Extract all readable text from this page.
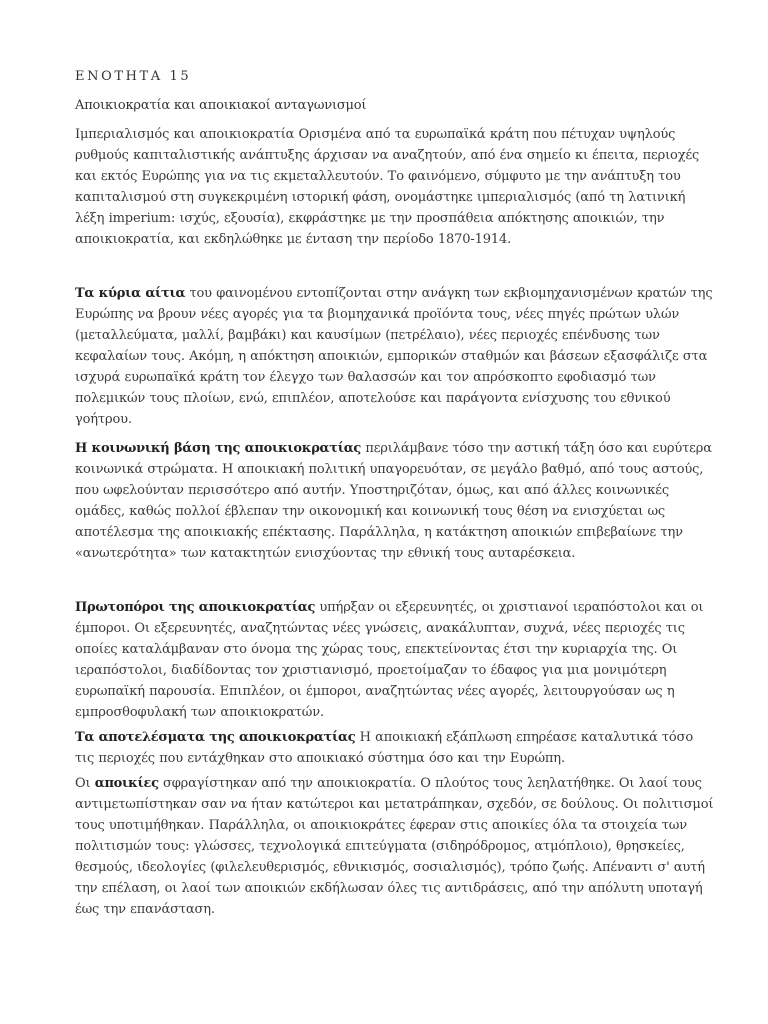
ΕΝΟΤΗΤΑ 15
Αποικιοκρατία και αποικιακοί ανταγωνισμοί

Ιμπεριαλισμός και αποικιοκρατία Ορισμένα από τα ευρωπαϊκά κράτη που πέτυχαν υψηλούς ρυθμούς καπιταλιστικής ανάπτυξης άρχισαν να αναζητούν, από ένα σημείο κι έπειτα, περιοχές και εκτός Ευρώπης για να τις εκμεταλλευτούν. Το φαινόμενο, σύμφυτο με την ανάπτυξη του καπιταλισμού στη συγκεκριμένη ιστορική φάση, ονομάστηκε ιμπεριαλισμός (από τη λατινική λέξη imperium: ισχύς, εξουσία), εκφράστηκε με την προσπάθεια απόκτησης αποικιών, την αποικιοκρατία, και εκδηλώθηκε με ένταση την περίοδο 1870-1914.

Τα κύρια αίτια του φαινομένου εντοπίζονται στην ανάγκη των εκβιομηχανισμένων κρατών της Ευρώπης να βρουν νέες αγορές για τα βιομηχανικά προϊόντα τους, νέες πηγές πρώτων υλών (μεταλλεύματα, μαλλί, βαμβάκι) και καυσίμων (πετρέλαιο), νέες περιοχές επένδυσης των κεφαλαίων τους. Ακόμη, η απόκτηση αποικιών, εμπορικών σταθμών και βάσεων εξασφάλιζε στα ισχυρά ευρωπαϊκά κράτη τον έλεγχο των θαλασσών και τον απρόσκοπτο εφοδιασμό των πολεμικών τους πλοίων, ενώ, επιπλέον, αποτελούσε και παράγοντα ενίσχυσης του εθνικού γοήτρου.

Η κοινωνική βάση της αποικιοκρατίας περιλάμβανε τόσο την αστική τάξη όσο και ευρύτερα κοινωνικά στρώματα. Η αποικιακή πολιτική υπαγορευόταν, σε μεγάλο βαθμό, από τους αστούς, που ωφελούνταν περισσότερο από αυτήν. Υποστηριζόταν, όμως, και από άλλες κοινωνικές ομάδες, καθώς πολλοί έβλεπαν την οικονομική και κοινωνική τους θέση να ενισχύεται ως αποτέλεσμα της αποικιακής επέκτασης. Παράλληλα, η κατάκτηση αποικιών επιβεβαίωνε την «ανωτερότητα» των κατακτητών ενισχύοντας την εθνική τους αυταρέσκεια.

Πρωτοπόροι της αποικιοκρατίας υπήρξαν οι εξερευνητές, οι χριστιανοί ιεραπόστολοι και οι έμποροι. Οι εξερευνητές, αναζητώντας νέες γνώσεις, ανακάλυπταν, συχνά, νέες περιοχές τις οποίες καταλάμβαναν στο όνομα της χώρας τους, επεκτείνοντας έτσι την κυριαρχία της. Οι ιεραπόστολοι, διαδίδοντας τον χριστιανισμό, προετοίμαζαν το έδαφος για μια μονιμότερη ευρωπαϊκή παρουσία. Επιπλέον, οι έμποροι, αναζητώντας νέες αγορές, λειτουργούσαν ως η εμπροσθοφυλακή των αποικιοκρατών.

Τα αποτελέσματα της αποικιοκρατίας Η αποικιακή εξάπλωση επηρέασε καταλυτικά τόσο τις περιοχές που εντάχθηκαν στο αποικιακό σύστημα όσο και την Ευρώπη.

Οι αποικίες σφραγίστηκαν από την αποικιοκρατία. Ο πλούτος τους λεηλατήθηκε. Οι λαοί τους αντιμετωπίστηκαν σαν να ήταν κατώτεροι και μετατράπηκαν, σχεδόν, σε δούλους. Οι πολιτισμοί τους υποτιμήθηκαν. Παράλληλα, οι αποικιοκράτες έφεραν στις αποικίες όλα τα στοιχεία των πολιτισμών τους: γλώσσες, τεχνολογικά επιτεύγματα (σιδηρόδρομος, ατμόπλοιο), θρησκείες, θεσμούς, ιδεολογίες (φιλελευθερισμός, εθνικισμός, σοσιαλισμός), τρόπο ζωής. Απέναντι σ' αυτή την επέλαση, οι λαοί των αποικιών εκδήλωσαν όλες τις αντιδράσεις, από την απόλυτη υποταγή έως την επανάσταση.
